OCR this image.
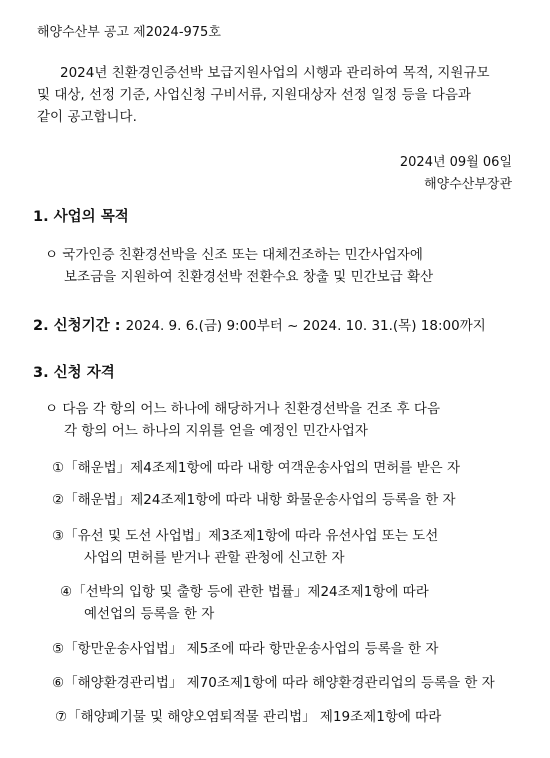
해양수산부 공고 제2024-975호
2024년 친환경인증선박 보급지원사업의 시행과 관리하여 목적, 지원규모
및 대상, 선정 기준, 사업신청 구비서류, 지원대상자 선정 일정 등을 다음과
같이 공고합니다.
2024년 09월 06일
해양수산부장관
1. 사업의 목적
ㅇ 국가인증 친환경선박을 신조 또는 대체건조하는 민간사업자에
보조금을 지원하여 친환경선박 전환수요 창출 및 민간보급 확산
2. 신청기간 : 2024. 9. 6.(금) 9:00부터 ~ 2024. 10. 31.(목) 18:00까지
3. 신청 자격
ㅇ 다음 각 항의 어느 하나에 해당하거나 친환경선박을 건조 후 다음
각 항의 어느 하나의 지위를 얻을 예정인 민간사업자
①「해운법」제4조제1항에 따라 내항 여객운송사업의 면허를 받은 자
②「해운법」제24조제1항에 따라 내항 화물운송사업의 등록을 한 자
③「유선 및 도선 사업법」제3조제1항에 따라 유선사업 또는 도선
사업의 면허를 받거나 관할 관청에 신고한 자
④「선박의 입항 및 출항 등에 관한 법률」제24조제1항에 따라
예선업의 등록을 한 자
⑤「항만운송사업법」 제5조에 따라 항만운송사업의 등록을 한 자
⑥「해양환경관리법」 제70조제1항에 따라 해양환경관리업의 등록을 한 자
⑦「해양폐기물 및 해양오염퇴적물 관리법」 제19조제1항에 따라
